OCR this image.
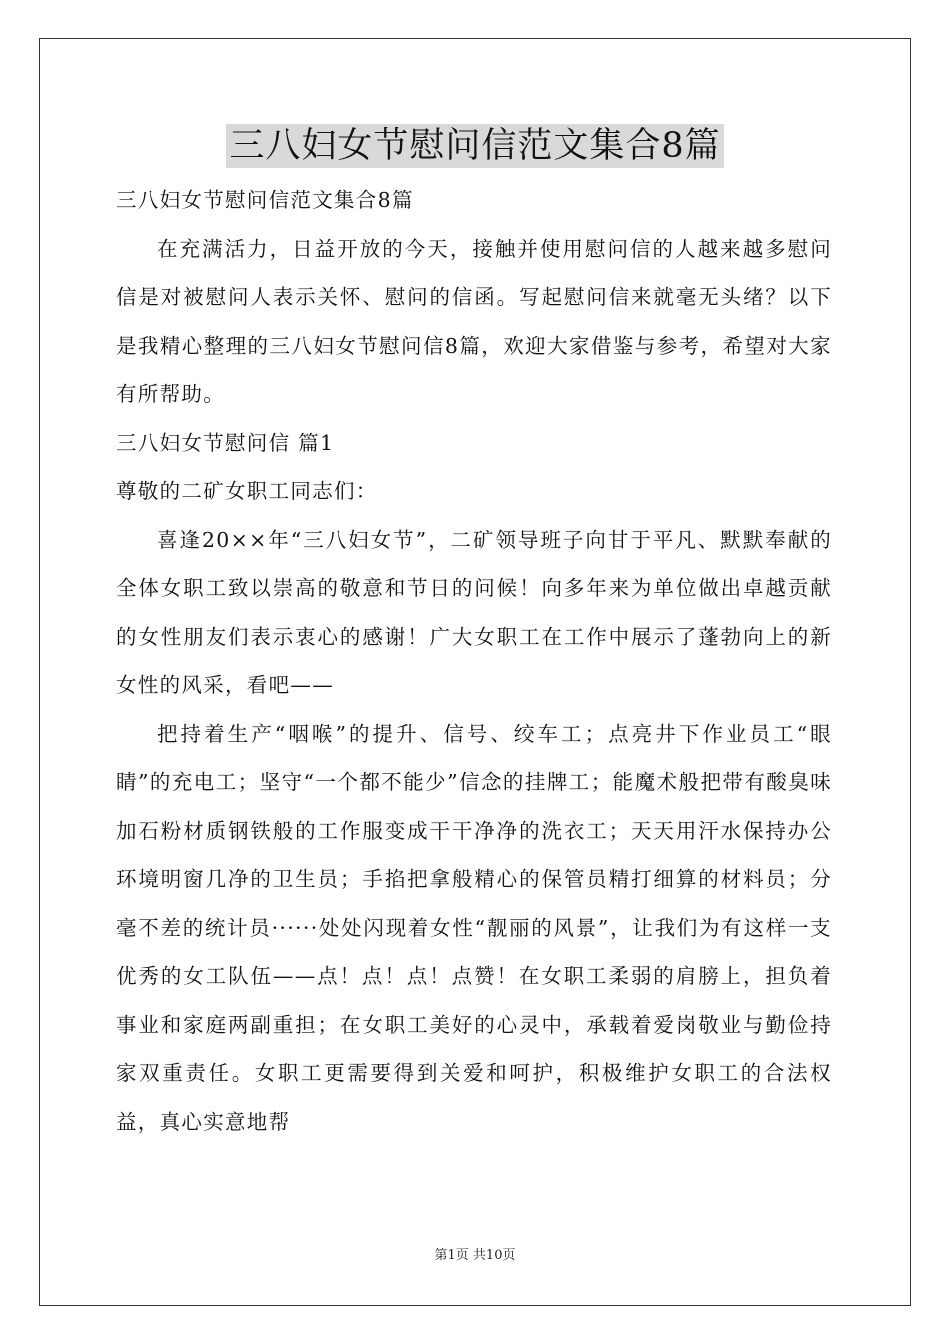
三八妇女节慰问信范文集合8篇

三八妇女节慰问信范文集合8篇

在充满活力，日益开放的今天，接触并使用慰问信的人越来越多慰问信是对被慰问人表示关怀、慰问的信函。写起慰问信来就毫无头绪？以下是我精心整理的三八妇女节慰问信8篇，欢迎大家借鉴与参考，希望对大家有所帮助。

三八妇女节慰问信 篇1

尊敬的二矿女职工同志们：

喜逢20××年“三八妇女节”，二矿领导班子向甘于平凡、默默奉献的全体女职工致以崇高的敬意和节日的问候！向多年来为单位做出卓越贡献的女性朋友们表示衷心的感谢！广大女职工在工作中展示了蓬勃向上的新女性的风采，看吧——

把持着生产“咽喉”的提升、信号、绞车工；点亮井下作业员工“眼睛”的充电工；坚守“一个都不能少”信念的挂牌工；能魔术般把带有酸臭味加石粉材质钢铁般的工作服变成干干净净的洗衣工；天天用汗水保持办公环境明窗几净的卫生员；手掐把拿般精心的保管员精打细算的材料员；分毫不差的统计员······处处闪现着女性“靓丽的风景”，让我们为有这样一支优秀的女工队伍——点！点！点！点赞！在女职工柔弱的肩膀上，担负着事业和家庭两副重担；在女职工美好的心灵中，承载着爱岗敬业与勤俭持家双重责任。女职工更需要得到关爱和呵护，积极维护女职工的合法权益，真心实意地帮

第1页 共10页
